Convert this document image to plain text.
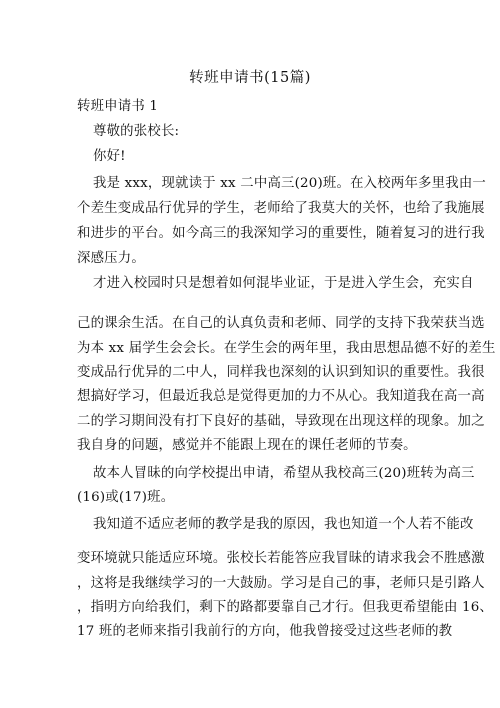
转班申请书(15篇)
转班申请书 1
尊敬的张校长:
你好!
我是 xxx，现就读于 xx 二中高三(20)班。在入校两年多里我由一
个差生变成品行优异的学生，老师给了我莫大的关怀，也给了我施展
和进步的平台。如今高三的我深知学习的重要性，随着复习的进行我
深感压力。
才进入校园时只是想着如何混毕业证，于是进入学生会，充实自
己的课余生活。在自己的认真负责和老师、同学的支持下我荣获当选
为本 xx 届学生会会长。在学生会的两年里，我由思想品德不好的差生
变成品行优异的二中人，同样我也深刻的认识到知识的重要性。我很
想搞好学习，但最近我总是觉得更加的力不从心。我知道我在高一高
二的学习期间没有打下良好的基础，导致现在出现这样的现象。加之
我自身的问题，感觉并不能跟上现在的课任老师的节奏。
故本人冒昧的向学校提出申请，希望从我校高三(20)班转为高三
(16)或(17)班。
我知道不适应老师的教学是我的原因，我也知道一个人若不能改
变环境就只能适应环境。张校长若能答应我冒昧的请求我会不胜感激
，这将是我继续学习的一大鼓励。学习是自己的事，老师只是引路人
，指明方向给我们，剩下的路都要靠自己才行。但我更希望能由 16、
17 班的老师来指引我前行的方向，他我曾接受过这些老师的教
